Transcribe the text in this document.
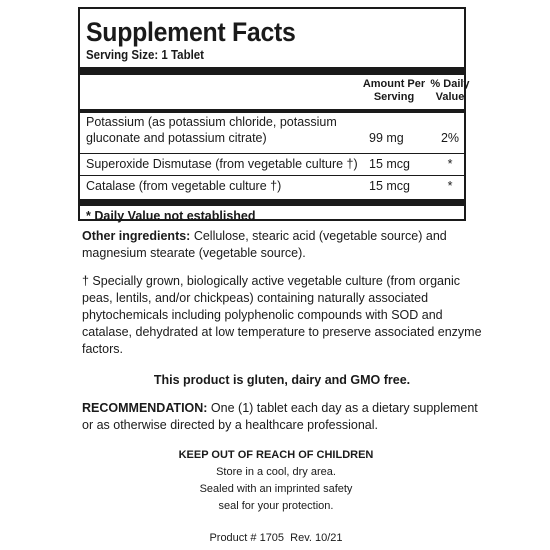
Supplement Facts
Serving Size: 1 Tablet
Amount Per
Serving
% Daily
Value
Potassium (as potassium chloride, potassium
gluconate and potassium citrate)	99 mg	2%
Superoxide Dismutase (from vegetable culture †) 15 mcg	*
Catalase (from vegetable culture †)	15 mcg	*
* Daily Value not established
Other ingredients: Cellulose, stearic acid (vegetable source) and magnesium stearate (vegetable source).
† Specially grown, biologically active vegetable culture (from organic peas, lentils, and/or chickpeas) containing naturally associated phytochemicals including polyphenolic compounds with SOD and catalase, dehydrated at low temperature to preserve associated enzyme factors.
This product is gluten, dairy and GMO free.
RECOMMENDATION: One (1) tablet each day as a dietary supplement or as otherwise directed by a healthcare professional.
KEEP OUT OF REACH OF CHILDREN
Store in a cool, dry area.
Sealed with an imprinted safety
seal for your protection.
Product # 1705  Rev. 10/21
